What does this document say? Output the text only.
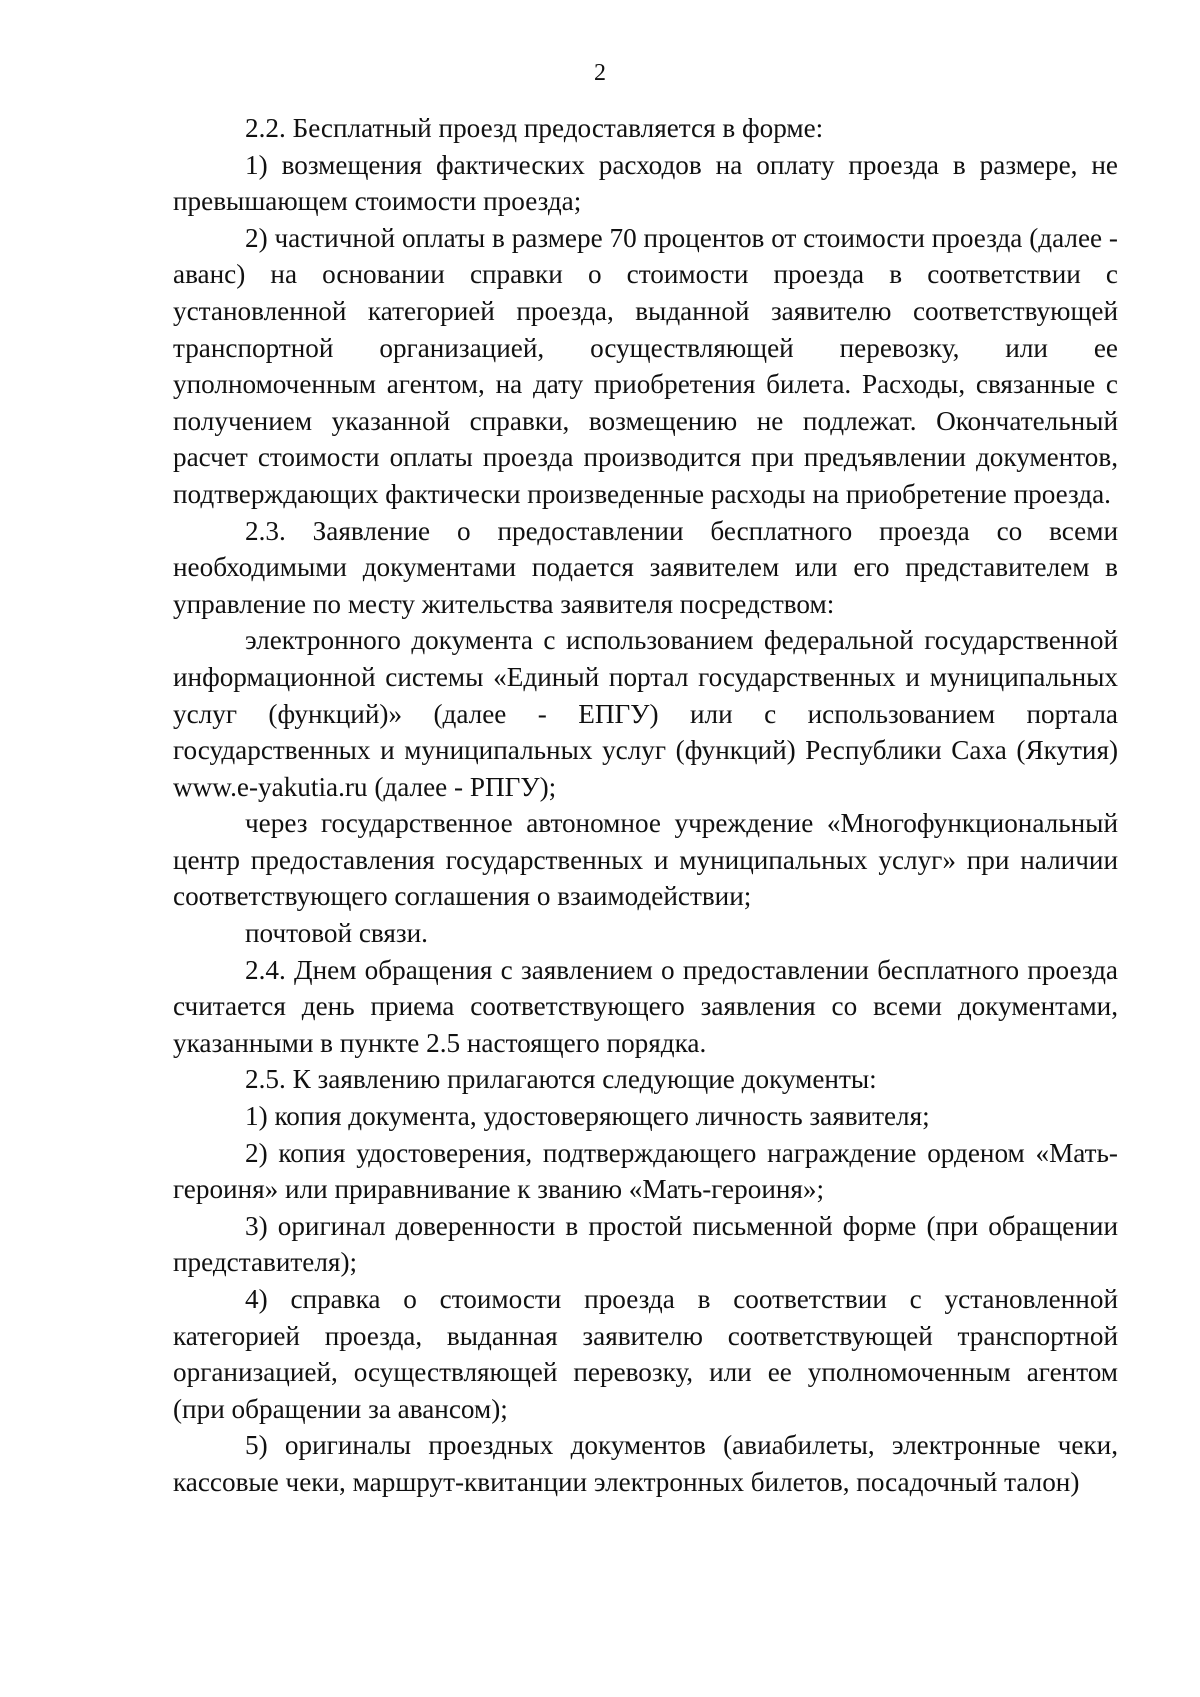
2

2.2. Бесплатный проезд предоставляется в форме:

1) возмещения фактических расходов на оплату проезда в размере, не превышающем стоимости проезда;

2) частичной оплаты в размере 70 процентов от стоимости проезда (далее - аванс) на основании справки о стоимости проезда в соответствии с установленной категорией проезда, выданной заявителю соответствующей транспортной организацией, осуществляющей перевозку, или ее уполномоченным агентом, на дату приобретения билета. Расходы, связанные с получением указанной справки, возмещению не подлежат. Окончательный расчет стоимости оплаты проезда производится при предъявлении документов, подтверждающих фактически произведенные расходы на приобретение проезда.

2.3. Заявление о предоставлении бесплатного проезда со всеми необходимыми документами подается заявителем или его представителем в управление по месту жительства заявителя посредством:

электронного документа с использованием федеральной государственной информационной системы «Единый портал государственных и муниципальных услуг (функций)» (далее - ЕПГУ) или с использованием портала государственных и муниципальных услуг (функций) Республики Саха (Якутия) www.e-yakutia.ru (далее - РПГУ);

через государственное автономное учреждение «Многофункциональный центр предоставления государственных и муниципальных услуг» при наличии соответствующего соглашения о взаимодействии;

почтовой связи.

2.4. Днем обращения с заявлением о предоставлении бесплатного проезда считается день приема соответствующего заявления со всеми документами, указанными в пункте 2.5 настоящего порядка.

2.5. К заявлению прилагаются следующие документы:

1) копия документа, удостоверяющего личность заявителя;

2) копия удостоверения, подтверждающего награждение орденом «Мать-героиня» или приравнивание к званию «Мать-героиня»;

3) оригинал доверенности в простой письменной форме (при обращении представителя);

4) справка о стоимости проезда в соответствии с установленной категорией проезда, выданная заявителю соответствующей транспортной организацией, осуществляющей перевозку, или ее уполномоченным агентом (при обращении за авансом);

5) оригиналы проездных документов (авиабилеты, электронные чеки, кассовые чеки, маршрут-квитанции электронных билетов, посадочный талон)
